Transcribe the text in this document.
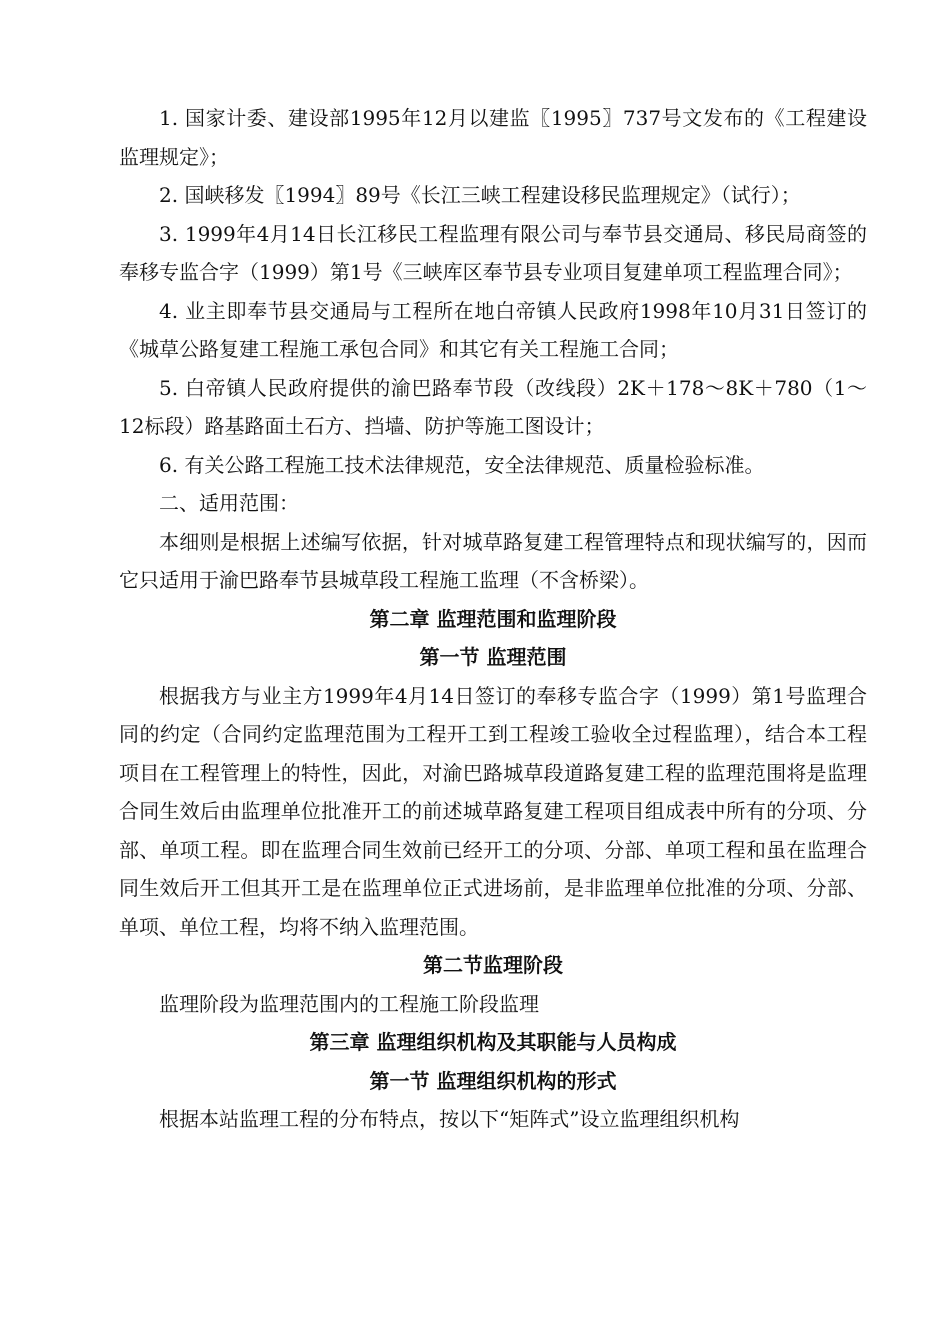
1. 国家计委、建设部1995年12月以建监〖1995〗737号文发布的《工程建设监理规定》；

2. 国峡移发〖1994〗89号《长江三峡工程建设移民监理规定》（试行）；

3. 1999年4月14日长江移民工程监理有限公司与奉节县交通局、移民局商签的奉移专监合字（1999）第1号《三峡库区奉节县专业项目复建单项工程监理合同》；

4. 业主即奉节县交通局与工程所在地白帝镇人民政府1998年10月31日签订的《城草公路复建工程施工承包合同》和其它有关工程施工合同；

5. 白帝镇人民政府提供的渝巴路奉节段（改线段）2K＋178～8K＋780（1～12标段）路基路面土石方、挡墙、防护等施工图设计；

6. 有关公路工程施工技术法律规范，安全法律规范、质量检验标准。

二、适用范围：

本细则是根据上述编写依据，针对城草路复建工程管理特点和现状编写的，因而它只适用于渝巴路奉节县城草段工程施工监理（不含桥梁）。

第二章 监理范围和监理阶段

第一节 监理范围

根据我方与业主方1999年4月14日签订的奉移专监合字（1999）第1号监理合同的约定（合同约定监理范围为工程开工到工程竣工验收全过程监理），结合本工程项目在工程管理上的特性，因此，对渝巴路城草段道路复建工程的监理范围将是监理合同生效后由监理单位批准开工的前述城草路复建工程项目组成表中所有的分项、分部、单项工程。即在监理合同生效前已经开工的分项、分部、单项工程和虽在监理合同生效后开工但其开工是在监理单位正式进场前，是非监理单位批准的分项、分部、单项、单位工程，均将不纳入监理范围。

第二节监理阶段

监理阶段为监理范围内的工程施工阶段监理

第三章 监理组织机构及其职能与人员构成

第一节 监理组织机构的形式

根据本站监理工程的分布特点，按以下“矩阵式”设立监理组织机构
